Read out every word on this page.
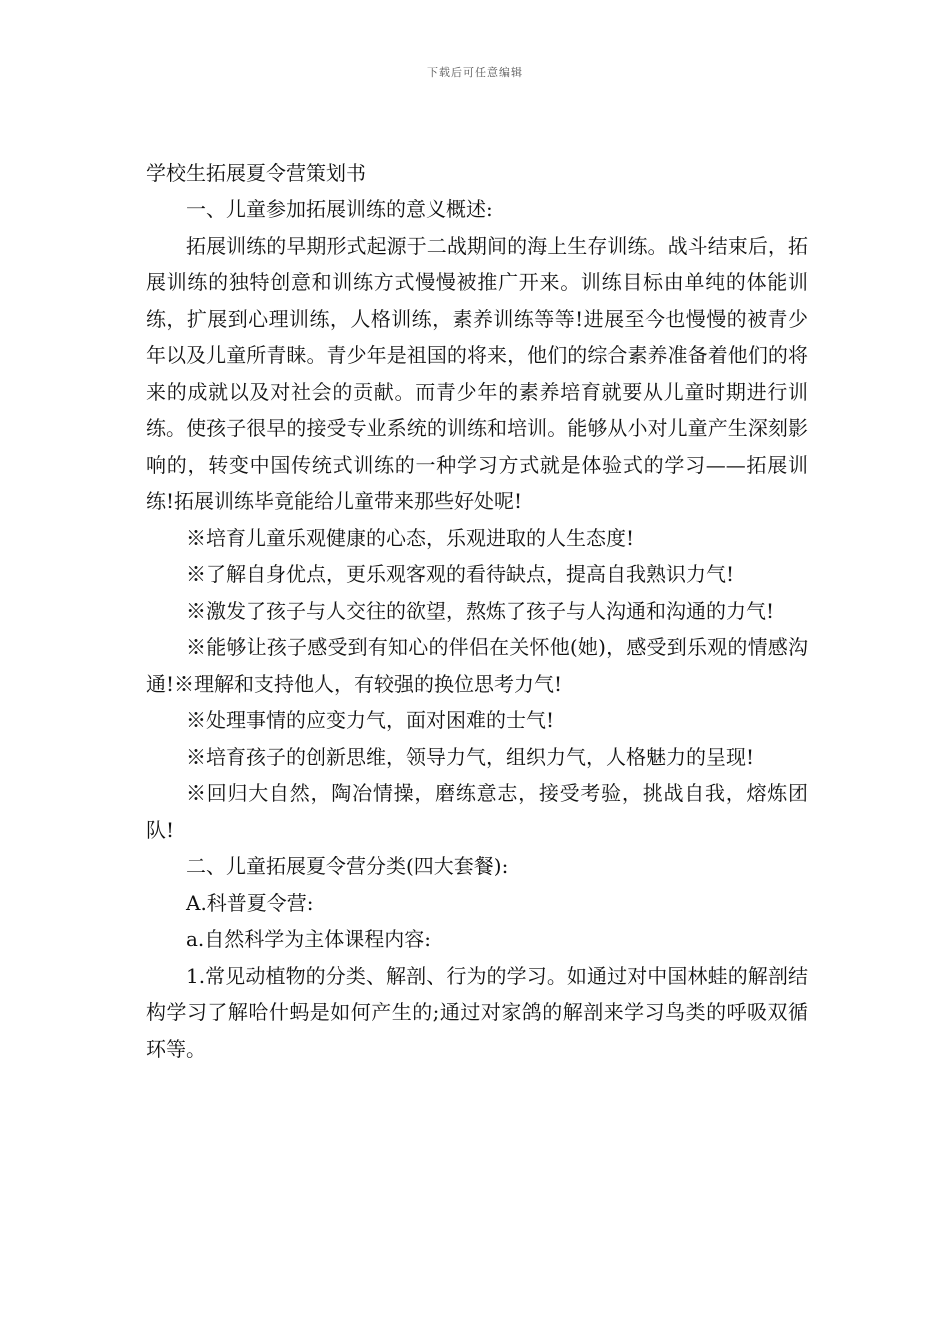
下载后可任意编辑

学校生拓展夏令营策划书

一、儿童参加拓展训练的意义概述:

拓展训练的早期形式起源于二战期间的海上生存训练。战斗结束后，拓展训练的独特创意和训练方式慢慢被推广开来。训练目标由单纯的体能训练，扩展到心理训练，人格训练，素养训练等等!进展至今也慢慢的被青少年以及儿童所青睐。青少年是祖国的将来，他们的综合素养准备着他们的将来的成就以及对社会的贡献。而青少年的素养培育就要从儿童时期进行训练。使孩子很早的接受专业系统的训练和培训。能够从小对儿童产生深刻影响的，转变中国传统式训练的一种学习方式就是体验式的学习——拓展训练!拓展训练毕竟能给儿童带来那些好处呢!

※培育儿童乐观健康的心态，乐观进取的人生态度!

※了解自身优点，更乐观客观的看待缺点，提高自我熟识力气!

※激发了孩子与人交往的欲望，熬炼了孩子与人沟通和沟通的力气!

※能够让孩子感受到有知心的伴侣在关怀他(她)，感受到乐观的情感沟通!※理解和支持他人，有较强的换位思考力气!

※处理事情的应变力气，面对困难的士气!

※培育孩子的创新思维，领导力气，组织力气，人格魅力的呈现!

※回归大自然，陶冶情操，磨练意志，接受考验，挑战自我，熔炼团队!

二、儿童拓展夏令营分类(四大套餐):

A.科普夏令营:

a.自然科学为主体课程内容:

1.常见动植物的分类、解剖、行为的学习。如通过对中国林蛙的解剖结构学习了解哈什蚂是如何产生的;通过对家鸽的解剖来学习鸟类的呼吸双循环等。
